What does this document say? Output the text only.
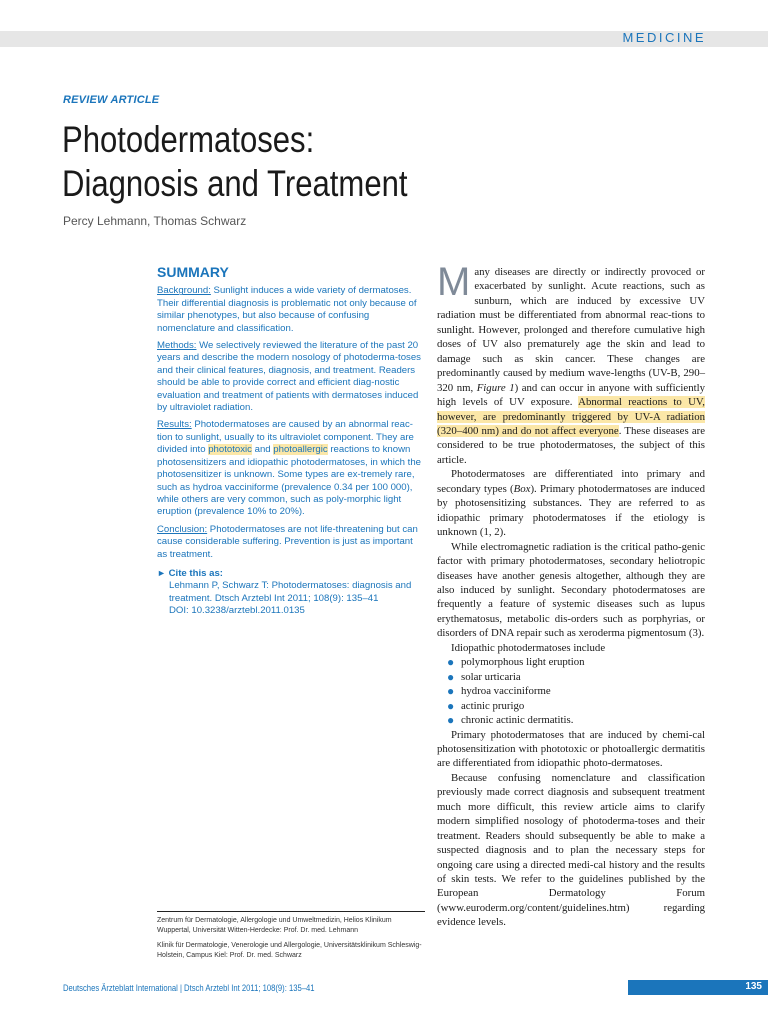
MEDICINE
REVIEW ARTICLE
Photodermatoses:
Diagnosis and Treatment
Percy Lehmann, Thomas Schwarz
SUMMARY

Background: Sunlight induces a wide variety of dermatoses. Their differential diagnosis is problematic not only because of similar phenotypes, but also because of confusing nomenclature and classification.

Methods: We selectively reviewed the literature of the past 20 years and describe the modern nosology of photoderma-toses and their clinical features, diagnosis, and treatment. Readers should be able to provide correct and efficient diag-nostic evaluation and treatment of patients with dermatoses induced by ultraviolet radiation.

Results: Photodermatoses are caused by an abnormal reac-tion to sunlight, usually to its ultraviolet component. They are divided into phototoxic and photoallergic reactions to known photosensitizers and idiopathic photodermatoses, in which the photosensitizer is unknown. Some types are ex-tremely rare, such as hydroa vacciniforme (prevalence 0.34 per 100 000), while others are very common, such as poly-morphic light eruption (prevalence 10% to 20%).

Conclusion: Photodermatoses are not life-threatening but can cause considerable suffering. Prevention is just as important as treatment.

► Cite this as:
Lehmann P, Schwarz T: Photodermatoses: diagnosis and treatment. Dtsch Arztebl Int 2011; 108(9): 135–41
DOI: 10.3238/arztebl.2011.0135

Zentrum für Dermatologie, Allergologie und Umweltmedizin, Helios Klinikum Wuppertal, Universität Witten-Herdecke: Prof. Dr. med. Lehmann

Klinik für Dermatologie, Venerologie und Allergologie, Universitätsklinikum Schleswig-Holstein, Campus Kiel: Prof. Dr. med. Schwarz

Many diseases are directly or indirectly provoced or exacerbated by sunlight. Acute reactions, such as sunburn, which are induced by excessive UV radiation must be differentiated from abnormal reac-tions to sunlight. However, prolonged and therefore cumulative high doses of UV also prematurely age the skin and lead to damage such as skin cancer. These changes are predominantly caused by medium wave-lengths (UV-B, 290–320 nm, Figure 1) and can occur in anyone with sufficiently high levels of UV exposure. Abnormal reactions to UV, however, are predominantly triggered by UV-A radiation (320–400 nm) and do not affect everyone. These diseases are considered to be true photodermatoses, the subject of this article.

Photodermatoses are differentiated into primary and secondary types (Box). Primary photodermatoses are induced by photosensitizing substances. They are referred to as idiopathic primary photodermatoses if the etiology is unknown (1, 2).

While electromagnetic radiation is the critical patho-genic factor with primary photodermatoses, secondary heliotropic diseases have another genesis altogether, although they are also induced by sunlight. Secondary photodermatoses are frequently a feature of systemic diseases such as lupus erythematosus, metabolic dis-orders such as porphyrias, or disorders of DNA repair such as xeroderma pigmentosum (3).

Idiopathic photodermatoses include

● polymorphous light eruption
● solar urticaria
● hydroa vacciniforme
● actinic prurigo
● chronic actinic dermatitis.

Primary photodermatoses that are induced by chemi-cal photosensitization with phototoxic or photoallergic dermatitis are differentiated from idiopathic photo-dermatoses.

Because confusing nomenclature and classification previously made correct diagnosis and subsequent treatment much more difficult, this review article aims to clarify modern simplified nosology of photoderma-toses and their treatment. Readers should subsequently be able to make a suspected diagnosis and to plan the necessary steps for ongoing care using a directed medi-cal history and the results of skin tests. We refer to the guidelines published by the European Dermatology Forum (www.euroderm.org/content/guidelines.htm) regarding evidence levels.

Deutsches Ärzteblatt International | Dtsch Arztebl Int 2011; 108(9): 135–41	135
